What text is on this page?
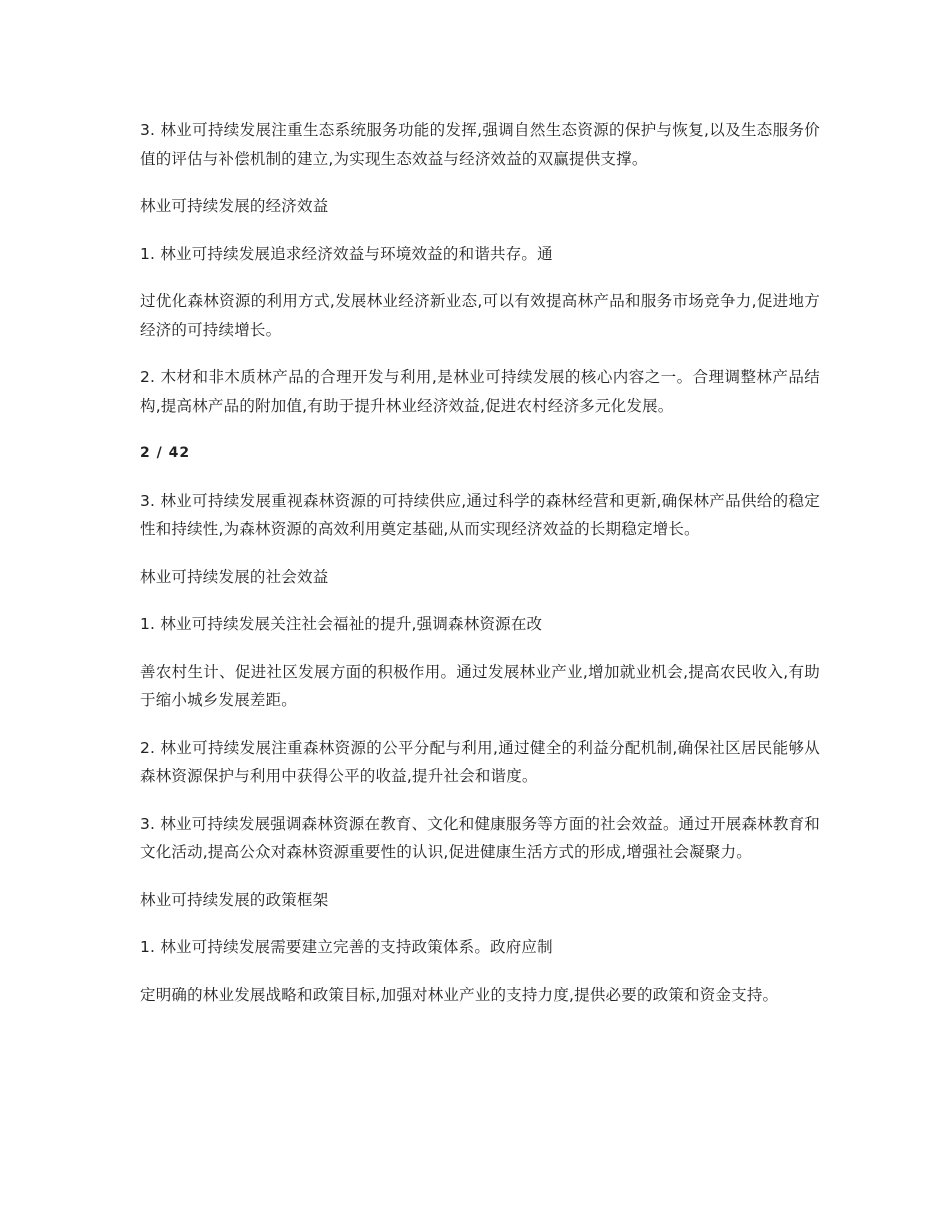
3. 林业可持续发展注重生态系统服务功能的发挥,强调自然生态资源的保护与恢复,以及生态服务价值的评估与补偿机制的建立,为实现生态效益与经济效益的双赢提供支撑。

林业可持续发展的经济效益

1. 林业可持续发展追求经济效益与环境效益的和谐共存。通

过优化森林资源的利用方式,发展林业经济新业态,可以有效提高林产品和服务市场竞争力,促进地方经济的可持续增长。

2. 木材和非木质林产品的合理开发与利用,是林业可持续发展的核心内容之一。合理调整林产品结构,提高林产品的附加值,有助于提升林业经济效益,促进农村经济多元化发展。

2 / 42

3. 林业可持续发展重视森林资源的可持续供应,通过科学的森林经营和更新,确保林产品供给的稳定性和持续性,为森林资源的高效利用奠定基础,从而实现经济效益的长期稳定增长。

林业可持续发展的社会效益

1. 林业可持续发展关注社会福祉的提升,强调森林资源在改

善农村生计、促进社区发展方面的积极作用。通过发展林业产业,增加就业机会,提高农民收入,有助于缩小城乡发展差距。

2. 林业可持续发展注重森林资源的公平分配与利用,通过健全的利益分配机制,确保社区居民能够从森林资源保护与利用中获得公平的收益,提升社会和谐度。

3. 林业可持续发展强调森林资源在教育、文化和健康服务等方面的社会效益。通过开展森林教育和文化活动,提高公众对森林资源重要性的认识,促进健康生活方式的形成,增强社会凝聚力。

林业可持续发展的政策框架

1. 林业可持续发展需要建立完善的支持政策体系。政府应制

定明确的林业发展战略和政策目标,加强对林业产业的支持力度,提供必要的政策和资金支持。
